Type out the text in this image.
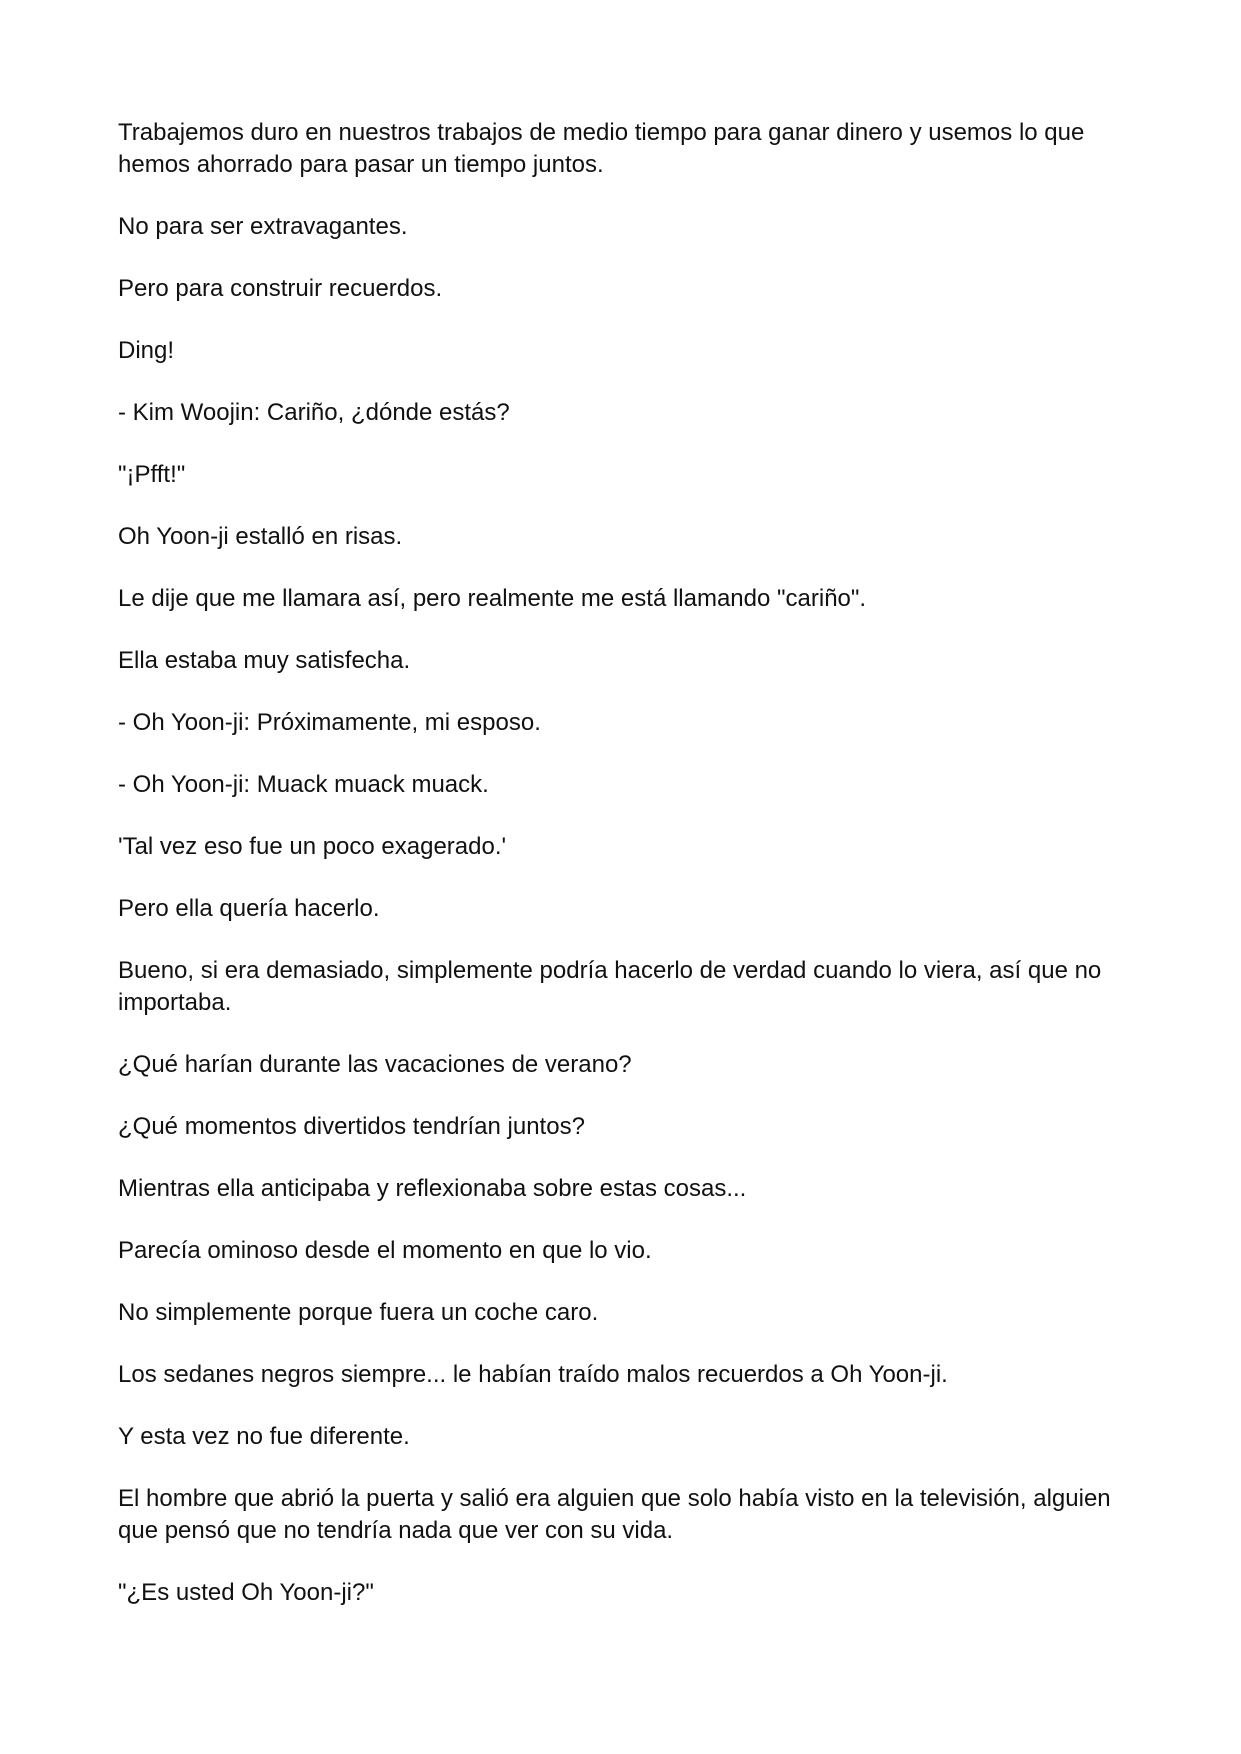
Trabajemos duro en nuestros trabajos de medio tiempo para ganar dinero y usemos lo que hemos ahorrado para pasar un tiempo juntos.

No para ser extravagantes.

Pero para construir recuerdos.

Ding!

- Kim Woojin: Cariño, ¿dónde estás?

"¡Pfft!"

Oh Yoon-ji estalló en risas.

Le dije que me llamara así, pero realmente me está llamando "cariño".

Ella estaba muy satisfecha.

- Oh Yoon-ji: Próximamente, mi esposo.

- Oh Yoon-ji: Muack muack muack.

'Tal vez eso fue un poco exagerado.'

Pero ella quería hacerlo.

Bueno, si era demasiado, simplemente podría hacerlo de verdad cuando lo viera, así que no importaba.

¿Qué harían durante las vacaciones de verano?

¿Qué momentos divertidos tendrían juntos?

Mientras ella anticipaba y reflexionaba sobre estas cosas...

Parecía ominoso desde el momento en que lo vio.

No simplemente porque fuera un coche caro.

Los sedanes negros siempre... le habían traído malos recuerdos a Oh Yoon-ji.

Y esta vez no fue diferente.

El hombre que abrió la puerta y salió era alguien que solo había visto en la televisión, alguien que pensó que no tendría nada que ver con su vida.

"¿Es usted Oh Yoon-ji?"
